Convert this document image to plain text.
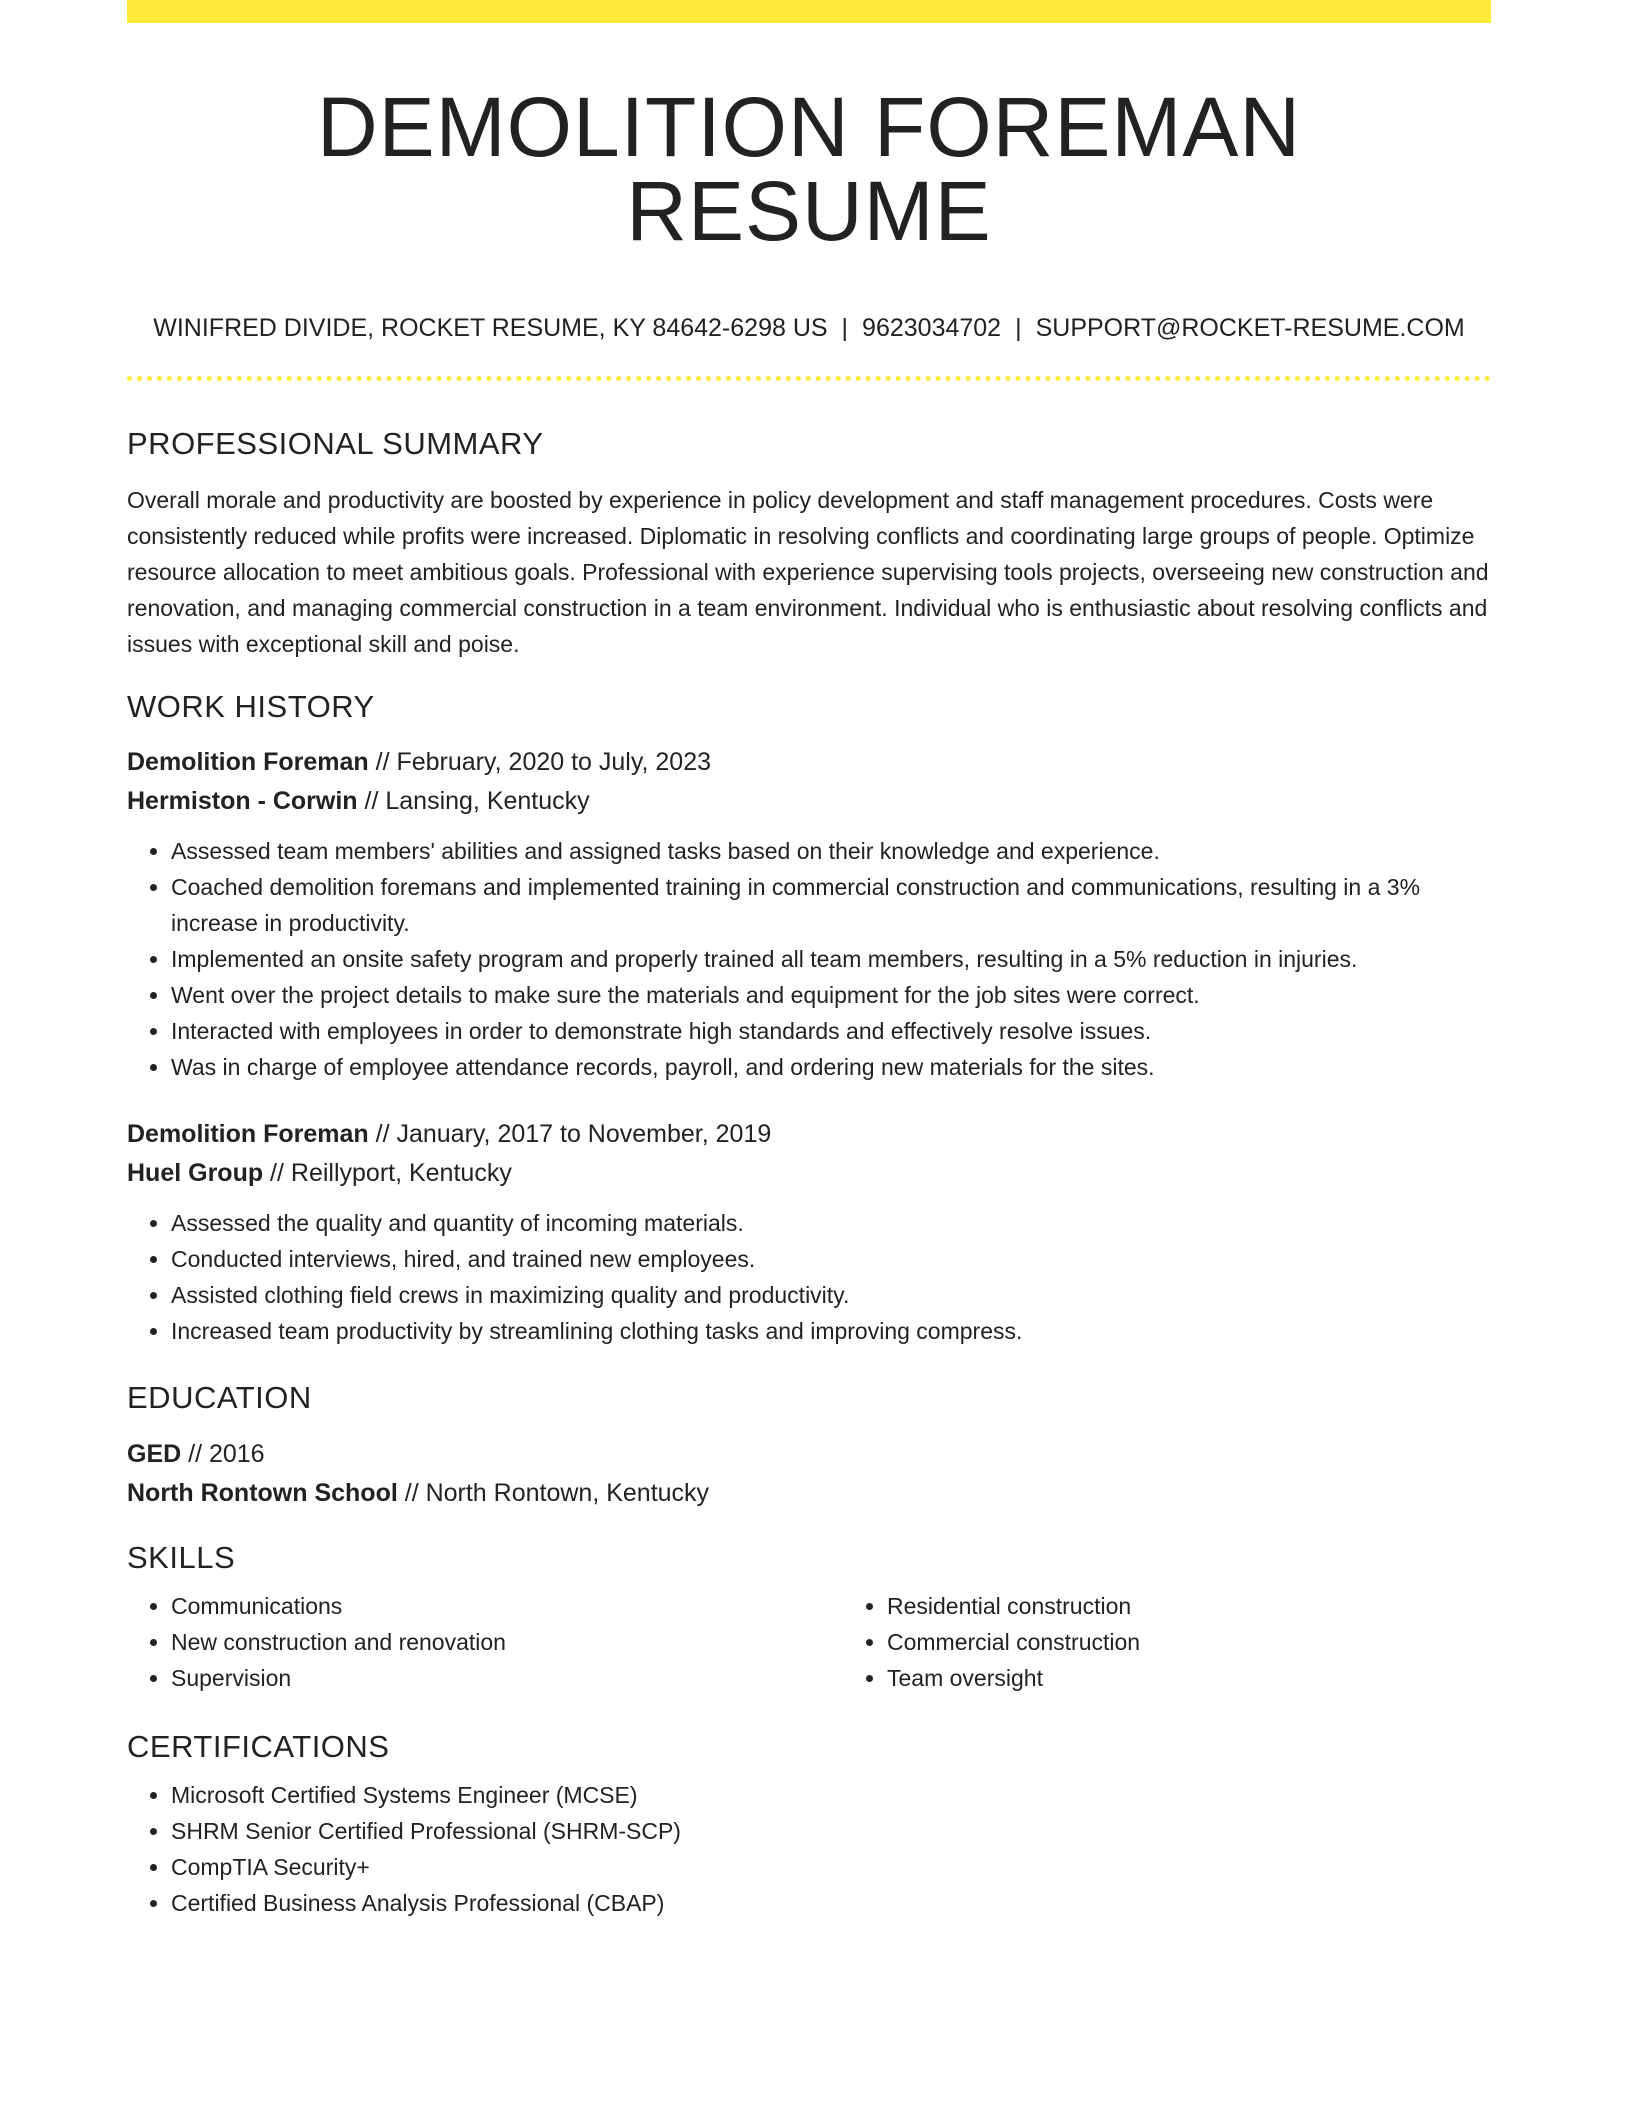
DEMOLITION FOREMAN RESUME
WINIFRED DIVIDE, ROCKET RESUME, KY 84642-6298 US | 9623034702 | SUPPORT@ROCKET-RESUME.COM
PROFESSIONAL SUMMARY

Overall morale and productivity are boosted by experience in policy development and staff management procedures. Costs were consistently reduced while profits were increased. Diplomatic in resolving conflicts and coordinating large groups of people. Optimize resource allocation to meet ambitious goals. Professional with experience supervising tools projects, overseeing new construction and renovation, and managing commercial construction in a team environment. Individual who is enthusiastic about resolving conflicts and issues with exceptional skill and poise.

WORK HISTORY
Demolition Foreman // February, 2020 to July, 2023
Hermiston - Corwin // Lansing, Kentucky
• Assessed team members' abilities and assigned tasks based on their knowledge and experience.
• Coached demolition foremans and implemented training in commercial construction and communications, resulting in a 3% increase in productivity.
• Implemented an onsite safety program and properly trained all team members, resulting in a 5% reduction in injuries.
• Went over the project details to make sure the materials and equipment for the job sites were correct.
• Interacted with employees in order to demonstrate high standards and effectively resolve issues.
• Was in charge of employee attendance records, payroll, and ordering new materials for the sites.
Demolition Foreman // January, 2017 to November, 2019
Huel Group // Reillyport, Kentucky
• Assessed the quality and quantity of incoming materials.
• Conducted interviews, hired, and trained new employees.
• Assisted clothing field crews in maximizing quality and productivity.
• Increased team productivity by streamlining clothing tasks and improving compress.
EDUCATION
GED // 2016
North Rontown School // North Rontown, Kentucky
SKILLS
• Communications
• New construction and renovation
• Supervision
• Residential construction
• Commercial construction
• Team oversight
CERTIFICATIONS
• Microsoft Certified Systems Engineer (MCSE)
• SHRM Senior Certified Professional (SHRM-SCP)
• CompTIA Security+
• Certified Business Analysis Professional (CBAP)
